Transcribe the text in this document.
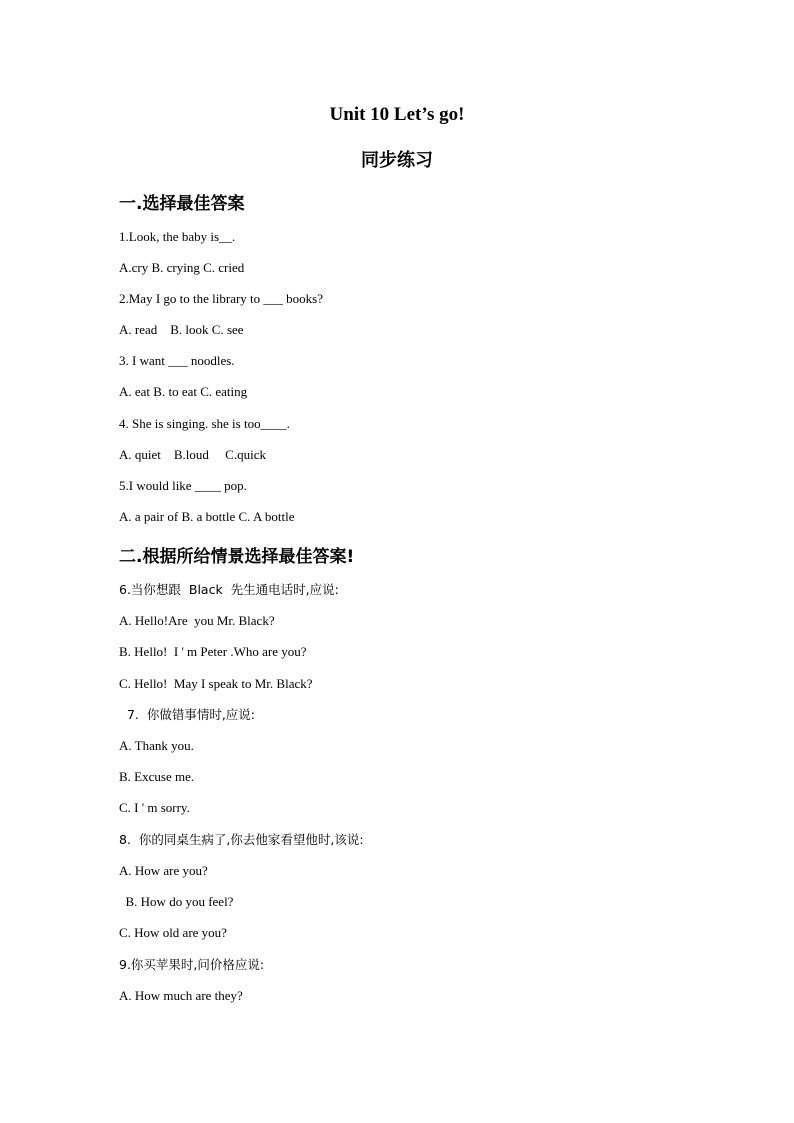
Unit 10 Let’s go!
同步练习
一.选择最佳答案
1.Look, the baby is__.
A.cry B. crying C. cried
2.May I go to the library to ___ books?
A. read    B. look C. see
3. I want ___ noodles.
A. eat B. to eat C. eating
4. She is singing. she is too____.
A. quiet    B.loud     C.quick
5.I would like ____ pop.
A. a pair of B. a bottle C. A bottle
二.根据所给情景选择最佳答案!
6.当你想跟  Black  先生通电话时,应说:
A. Hello!Are  you Mr. Black?
B. Hello!  I ' m Peter .Who are you?
C. Hello!  May I speak to Mr. Black?
7.  你做错事情时,应说:
A. Thank you.
B. Excuse me.
C. I ' m sorry.
8.  你的同桌生病了,你去他家看望他时,该说:
A. How are you?
B. How do you feel?
C. How old are you?
9.你买苹果时,问价格应说:
A. How much are they?
